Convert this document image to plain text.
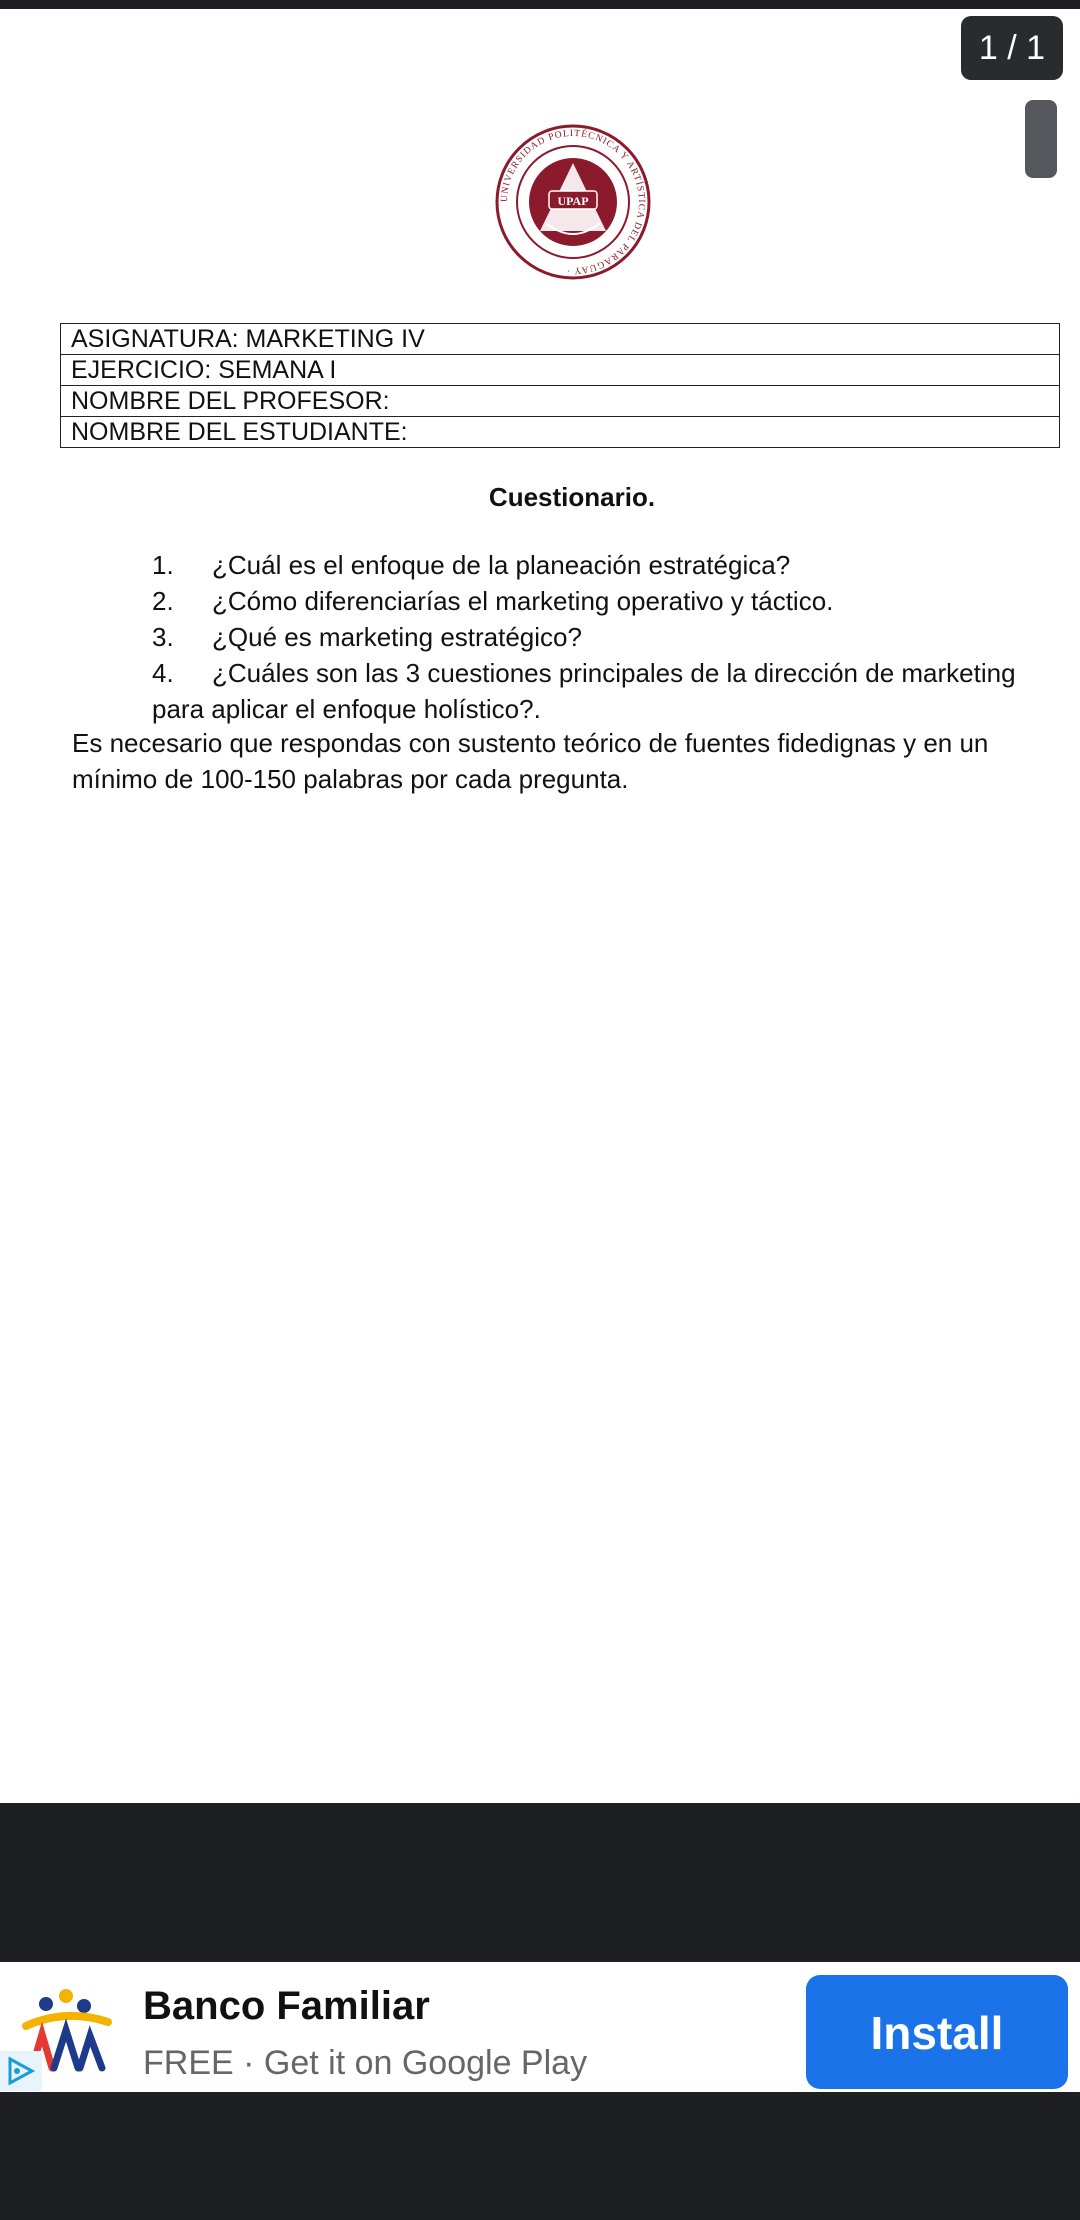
UNIVERSIDAD POLITÉCNICA Y ARTÍSTICA DEL PARAGUAY ·
UPAP
ASIGNATURA: MARKETING IV
EJERCICIO: SEMANA I
NOMBRE DEL PROFESOR:
NOMBRE DEL ESTUDIANTE:
Cuestionario.
1. ¿Cuál es el enfoque de la planeación estratégica?
2. ¿Cómo diferenciarías el marketing operativo y táctico.
3. ¿Qué es marketing estratégico?
4. ¿Cuáles son las 3 cuestiones principales de la dirección de marketing
para aplicar el enfoque holístico?.
Es necesario que respondas con sustento teórico de fuentes fidedignas y en un mínimo de 100-150 palabras por cada pregunta.
1 / 1
Banco Familiar
FREE · Get it on Google Play
Install
